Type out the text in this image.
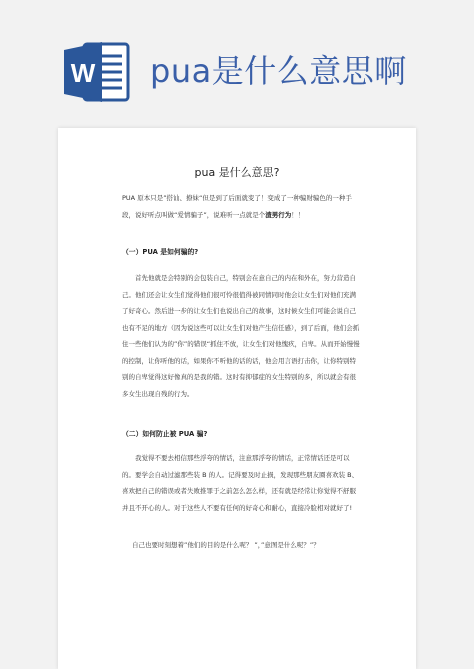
W pua是什么意思啊
pua 是什么意思?

PUA 原本只是”搭讪、撩妹“但是到了后面就变了！变成了一种骗财骗色的一种手段，说好听点叫做“爱情骗子”，说难听一点就是个渣男行为！！

（一）PUA 是如何骗的?

首先他就是会特别的会包装自己，特别会在意自己的内在和外在，努力营造自己。他们还会让女生们觉得他们很可怜很值得被同情同时他会让女生们对他们充满了好奇心。然后进一步的让女生们也说出自己的故事，这时候女生们可能会说自己也有不足的地方（因为说这些可以让女生们对他产生信任感），到了后面，他们会抓住一些他们认为的”你”的错误“抓住不放，让女生们对他愧疚，自卑。从而开始慢慢的控制，让你听他的话，如果你不听他的话的话，他会用言语打击你，让你特别特别的自卑觉得这好像真的是我的错。这时有抑郁症的女生特别的多，所以就会有很多女生出现自残的行为。

（二）如何防止被 PUA 骗?

我觉得不要去相信那些浮夸的情话，注意那浮夸的情话，正常情话还是可以的。要学会自动过滤那些装 B 的人。记得要及时止损，发现那些朋友圈喜欢装 B、喜欢把自己的错误或者失败推罪于之前怎么怎么样，还有就是经常让你觉得不舒服并且不开心的人。对于这些人不要有任何的好奇心和耐心，直接冷脸相对就好了!

自己也要时刻想着”他们的目的是什么呢？ ”，”意图是什么呢？”？
